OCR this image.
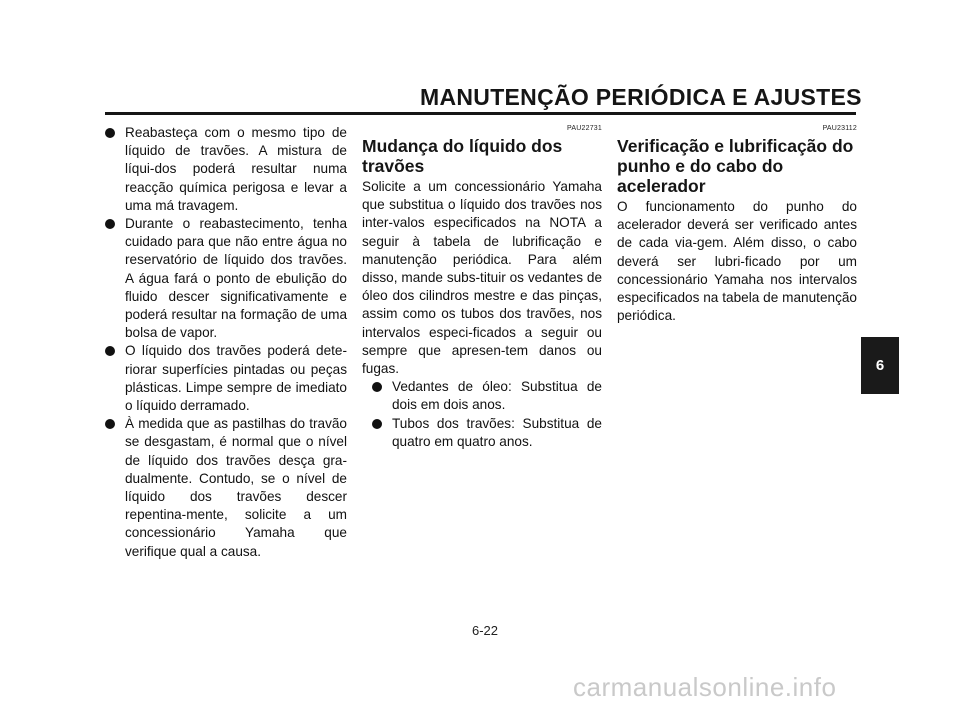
MANUTENÇÃO PERIÓDICA E AJUSTES
Reabasteça com o mesmo tipo de líquido de travões. A mistura de líqui-dos poderá resultar numa reacção química perigosa e levar a uma má travagem.
Durante o reabastecimento, tenha cuidado para que não entre água no reservatório de líquido dos travões. A água fará o ponto de ebulição do fluido descer significativamente e poderá resultar na formação de uma bolsa de vapor.
O líquido dos travões poderá dete-riorar superfícies pintadas ou peças plásticas. Limpe sempre de imediato o líquido derramado.
À medida que as pastilhas do travão se desgastam, é normal que o nível de líquido dos travões desça gra-dualmente. Contudo, se o nível de líquido dos travões descer repentina-mente, solicite a um concessionário Yamaha que verifique qual a causa.
PAU22731
Mudança do líquido dos travões

Solicite a um concessionário Yamaha que substitua o líquido dos travões nos inter-valos especificados na NOTA a seguir à tabela de lubrificação e manutenção periódica. Para além disso, mande subs-tituir os vedantes de óleo dos cilindros mestre e das pinças, assim como os tubos dos travões, nos intervalos especi-ficados a seguir ou sempre que apresen-tem danos ou fugas.

Vedantes de óleo: Substitua de dois em dois anos.
Tubos dos travões: Substitua de quatro em quatro anos.
PAU23112
Verificação e lubrificação do punho e do cabo do acelerador

O funcionamento do punho do acelerador deverá ser verificado antes de cada via-gem. Além disso, o cabo deverá ser lubri-ficado por um concessionário Yamaha nos intervalos especificados na tabela de manutenção periódica.

6
6-22
carmanualsonline.info
